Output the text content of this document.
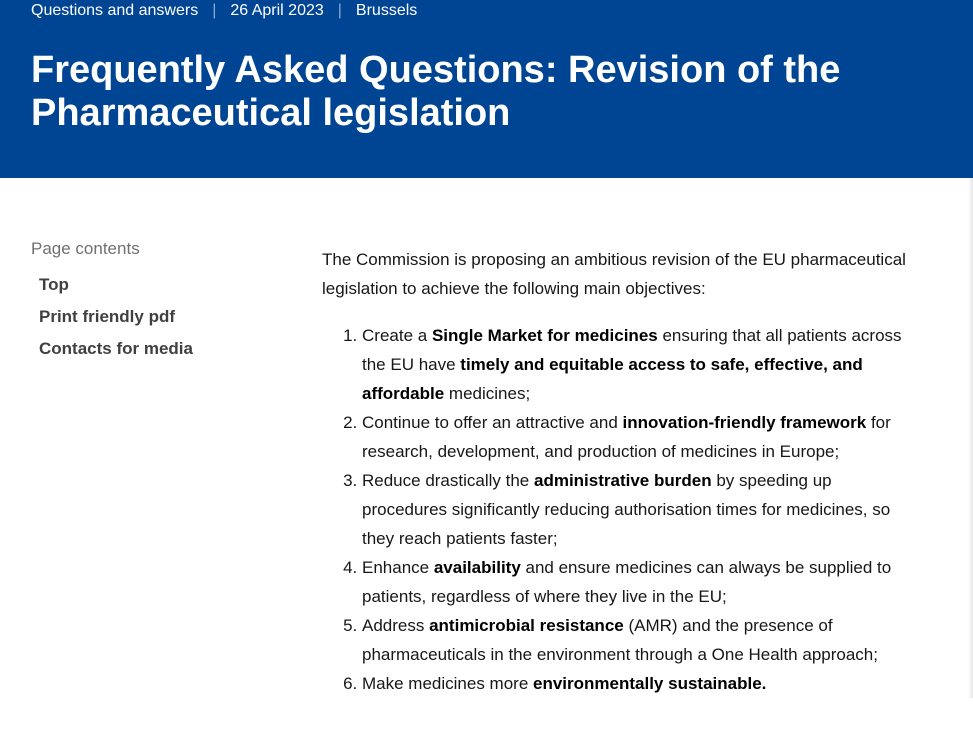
Questions and answers | 26 April 2023 | Brussels
Frequently Asked Questions: Revision of the Pharmaceutical legislation
Page contents
Top
Print friendly pdf
Contacts for media

The Commission is proposing an ambitious revision of the EU pharmaceutical legislation to achieve the following main objectives:

1. Create a Single Market for medicines ensuring that all patients across the EU have timely and equitable access to safe, effective, and affordable medicines;
2. Continue to offer an attractive and innovation-friendly framework for research, development, and production of medicines in Europe;
3. Reduce drastically the administrative burden by speeding up procedures significantly reducing authorisation times for medicines, so they reach patients faster;
4. Enhance availability and ensure medicines can always be supplied to patients, regardless of where they live in the EU;
5. Address antimicrobial resistance (AMR) and the presence of pharmaceuticals in the environment through a One Health approach;
6. Make medicines more environmentally sustainable.
